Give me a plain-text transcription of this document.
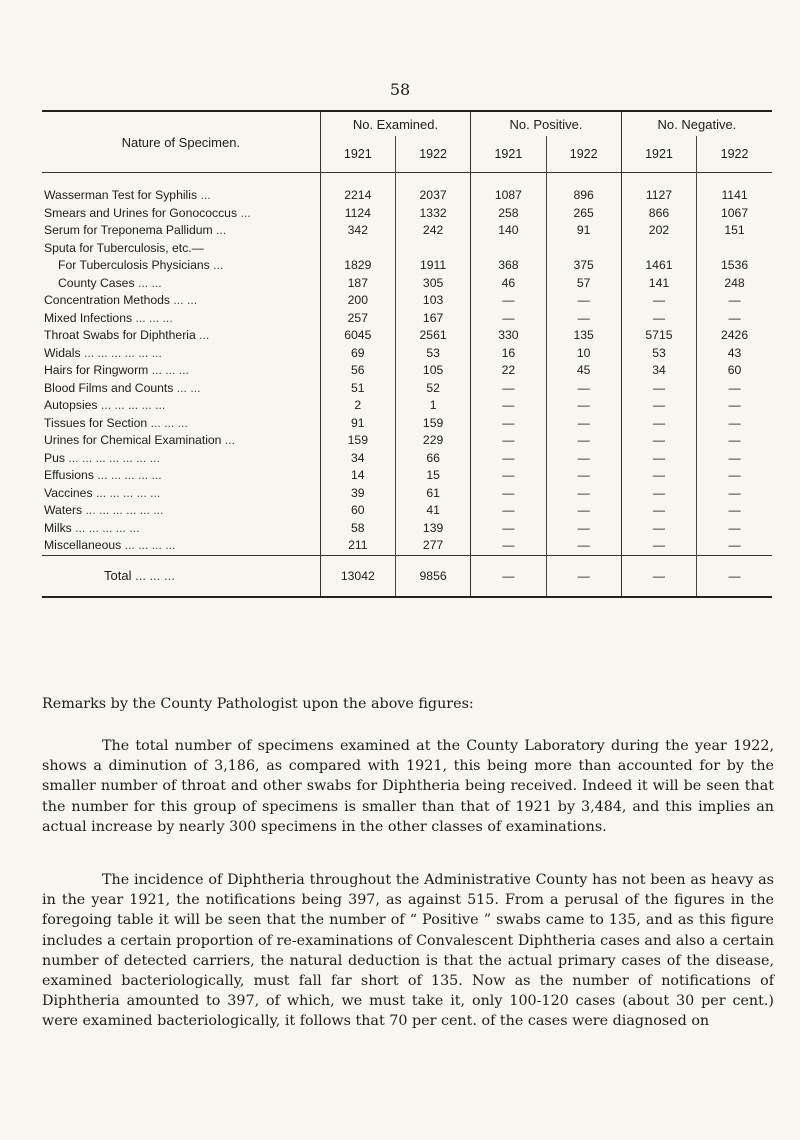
58
Nature of Specimen.	No. Examined.		No. Positive.		No. Negative.	
	1921	1922	1921	1922	1921	1922

Wasserman Test for Syphilis ...	2214	2037	1087	896	1127	1141
Smears and Urines for Gonococcus ...	1124	1332	258	265	866	1067
Serum for Treponema Pallidum ...	342	242	140	91	202	151
Sputa for Tuberculosis, etc.—						
For Tuberculosis Physicians ...	1829	1911	368	375	1461	1536
County Cases ... ...	187	305	46	57	141	248
Concentration Methods ... ...	200	103	—	—	—	—
Mixed Infections ... ... ...	257	167	—	—	—	—
Throat Swabs for Diphtheria ...	6045	2561	330	135	5715	2426
Widals ... ... ... ... ... ...	69	53	16	10	53	43
Hairs for Ringworm ... ... ...	56	105	22	45	34	60
Blood Films and Counts ... ...	51	52	—	—	—	—
Autopsies ... ... ... ... ...	2	1	—	—	—	—
Tissues for Section ... ... ...	91	159	—	—	—	—
Urines for Chemical Examination ...	159	229	—	—	—	—
Pus ... ... ... ... ... ... ...	34	66	—	—	—	—
Effusions ... ... ... ... ...	14	15	—	—	—	—
Vaccines ... ... ... ... ...	39	61	—	—	—	—
Waters ... ... ... ... ... ...	60	41	—	—	—	—
Milks ... ... ... ... ...	58	139	—	—	—	—
Miscellaneous ... ... ... ...	211	277	—	—	—	—
Total ... ... ...	13042	9856	—	—	—	—
Remarks by the County Pathologist upon the above figures:
The total number of specimens examined at the County Laboratory during the year 1922, shows a diminution of 3,186, as compared with 1921, this being more than accounted for by the smaller number of throat and other swabs for Diphtheria being received. Indeed it will be seen that the number for this group of specimens is smaller than that of 1921 by 3,484, and this implies an actual increase by nearly 300 specimens in the other classes of examinations.
The incidence of Diphtheria throughout the Administrative County has not been as heavy as in the year 1921, the notifications being 397, as against 515. From a perusal of the figures in the foregoing table it will be seen that the number of “ Positive ” swabs came to 135, and as this figure includes a certain proportion of re-examinations of Convalescent Diphtheria cases and also a certain number of detected carriers, the natural deduction is that the actual primary cases of the disease, examined bacteriologically, must fall far short of 135. Now as the number of notifications of Diphtheria amounted to 397, of which, we must take it, only 100-120 cases (about 30 per cent.) were examined bacteriologically, it follows that 70 per cent. of the cases were diagnosed on
